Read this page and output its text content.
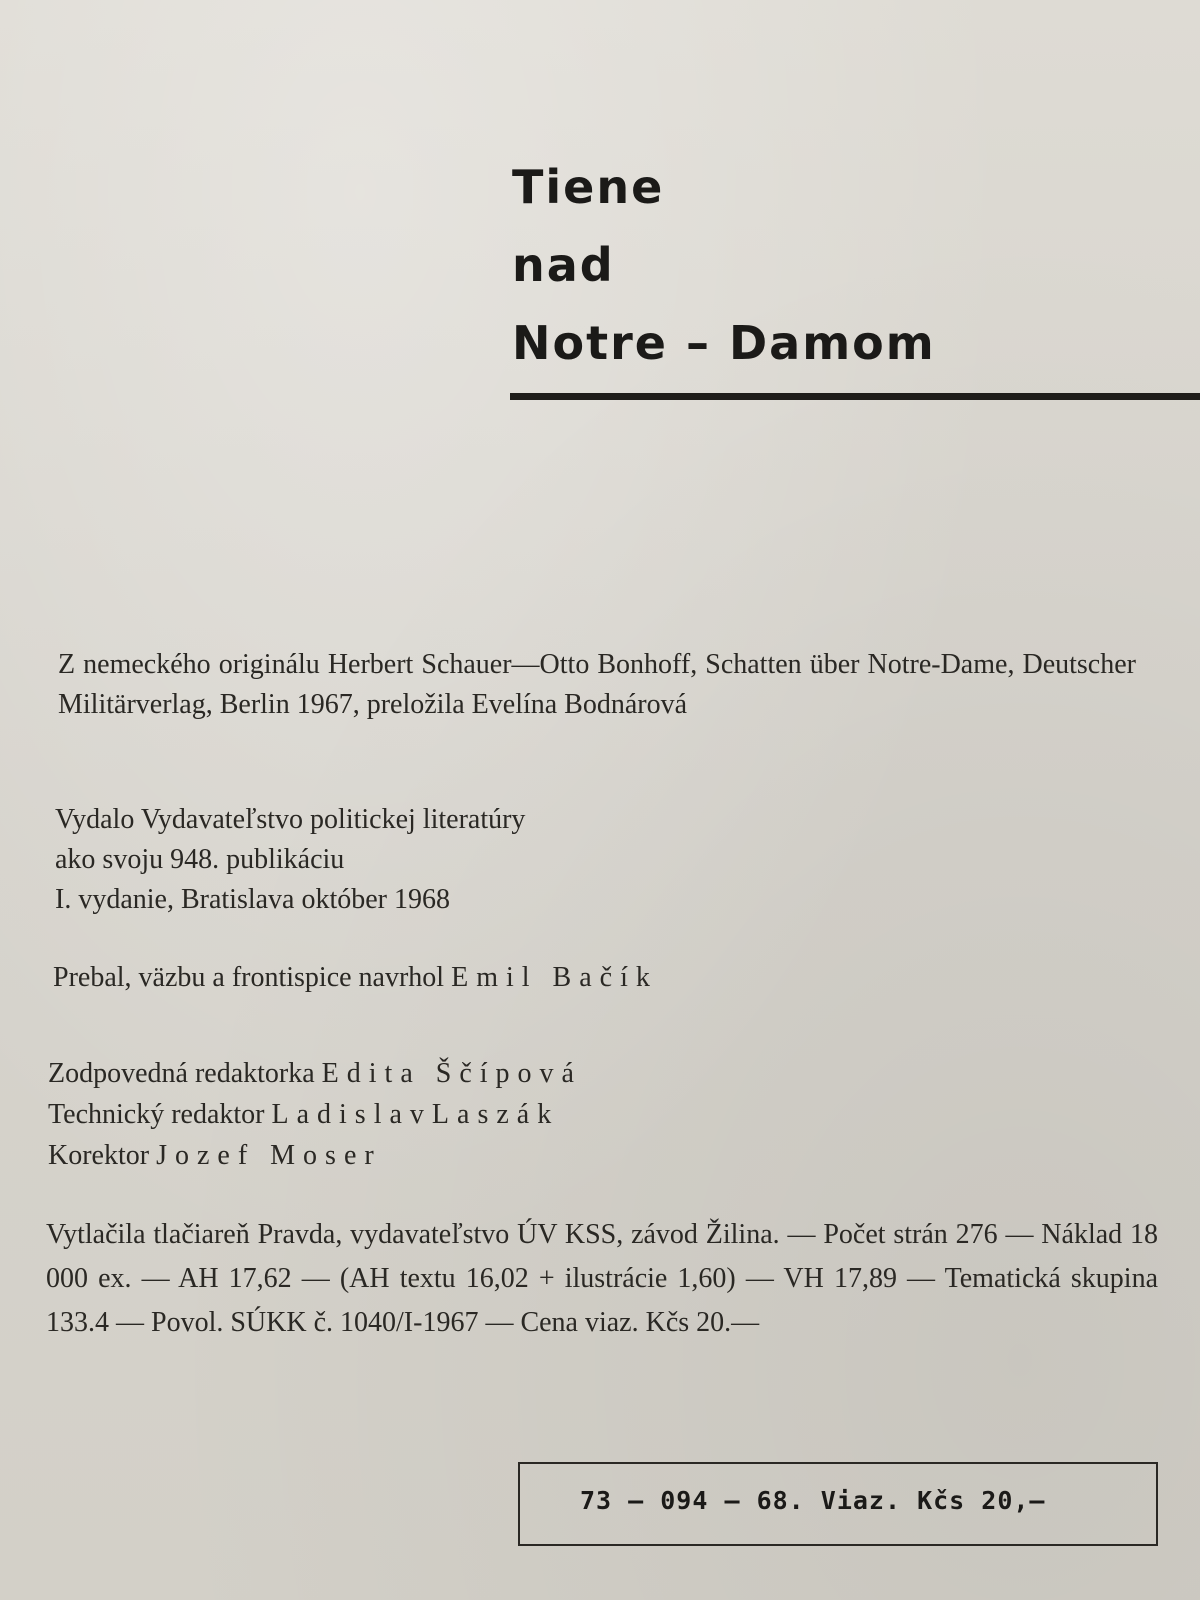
Tiene
nad
Notre – Damom
Z nemeckého originálu Herbert Schauer—Otto Bonhoff, Schatten über Notre-Dame, Deutscher Militärverlag, Berlin 1967, preložila Evelína Bodnárová
Vydalo Vydavateľstvo politickej literatúry
ako svoju 948. publikáciu
I. vydanie, Bratislava október 1968
Prebal, väzbu a frontispice navrhol Emil Bačík
Zodpovedná redaktorka Edita Ščípová
Technický redaktor LadislavLaszák
Korektor Jozef Moser
Vytlačila tlačiareň Pravda, vydavateľstvo ÚV KSS, závod Žilina. — Počet strán 276 — Náklad 18 000 ex. — AH 17,62 — (AH textu 16,02 + ilustrácie 1,60) — VH 17,89 — Tematická skupina 133.4 — Povol. SÚKK č. 1040/I-1967 — Cena viaz. Kčs 20.—
73 — 094 — 68. Viaz. Kčs 20,—
